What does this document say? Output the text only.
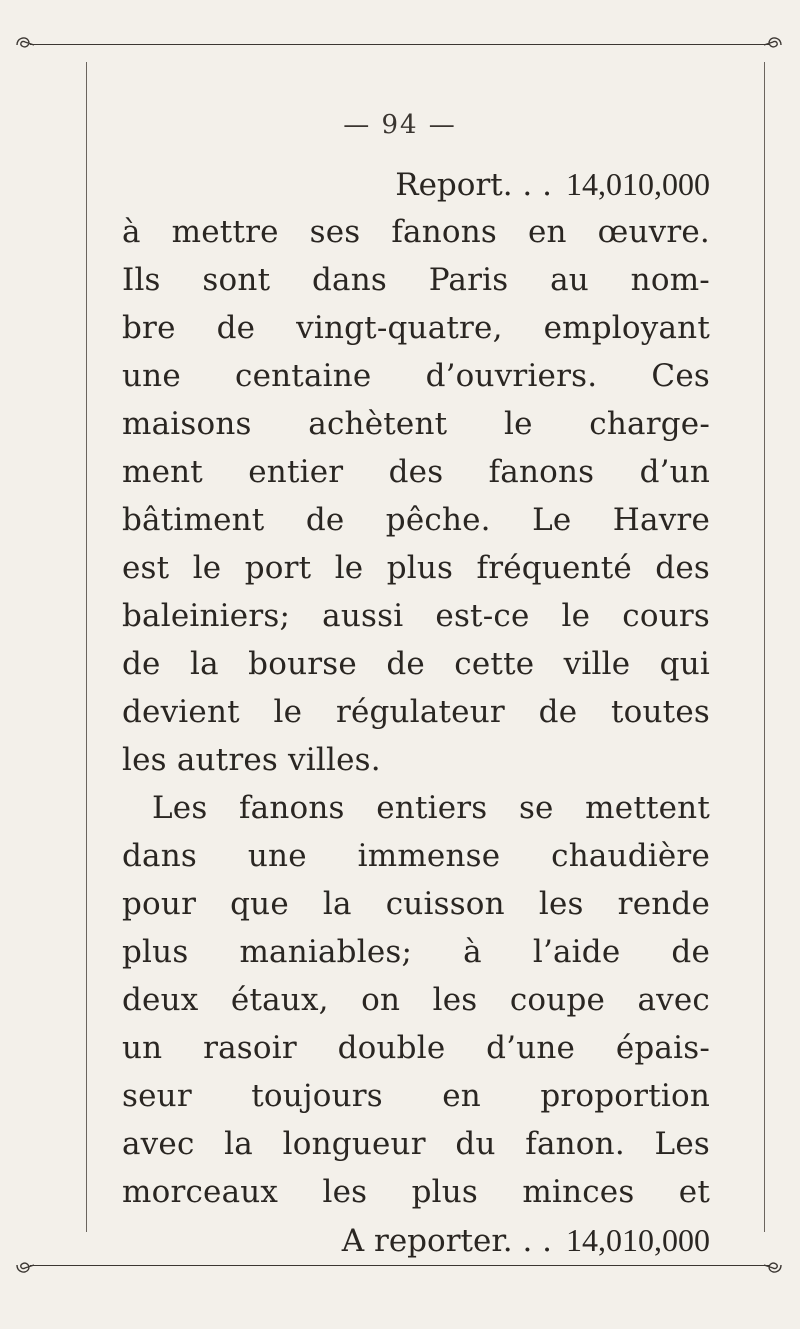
— 94 —
Report. . . 14,010,000
à mettre ses fanons en œuvre.
Ils sont dans Paris au nom-
bre de vingt-quatre, employant
une centaine d’ouvriers. Ces
maisons achètent le charge-
ment entier des fanons d’un
bâtiment de pêche. Le Havre
est le port le plus fréquenté des
baleiniers; aussi est-ce le cours
de la bourse de cette ville qui
devient le régulateur de toutes
les autres villes.
Les fanons entiers se mettent
dans une immense chaudière
pour que la cuisson les rende
plus maniables; à l’aide de
deux étaux, on les coupe avec
un rasoir double d’une épais-
seur toujours en proportion
avec la longueur du fanon. Les
morceaux les plus minces et
A reporter. . . 14,010,000
